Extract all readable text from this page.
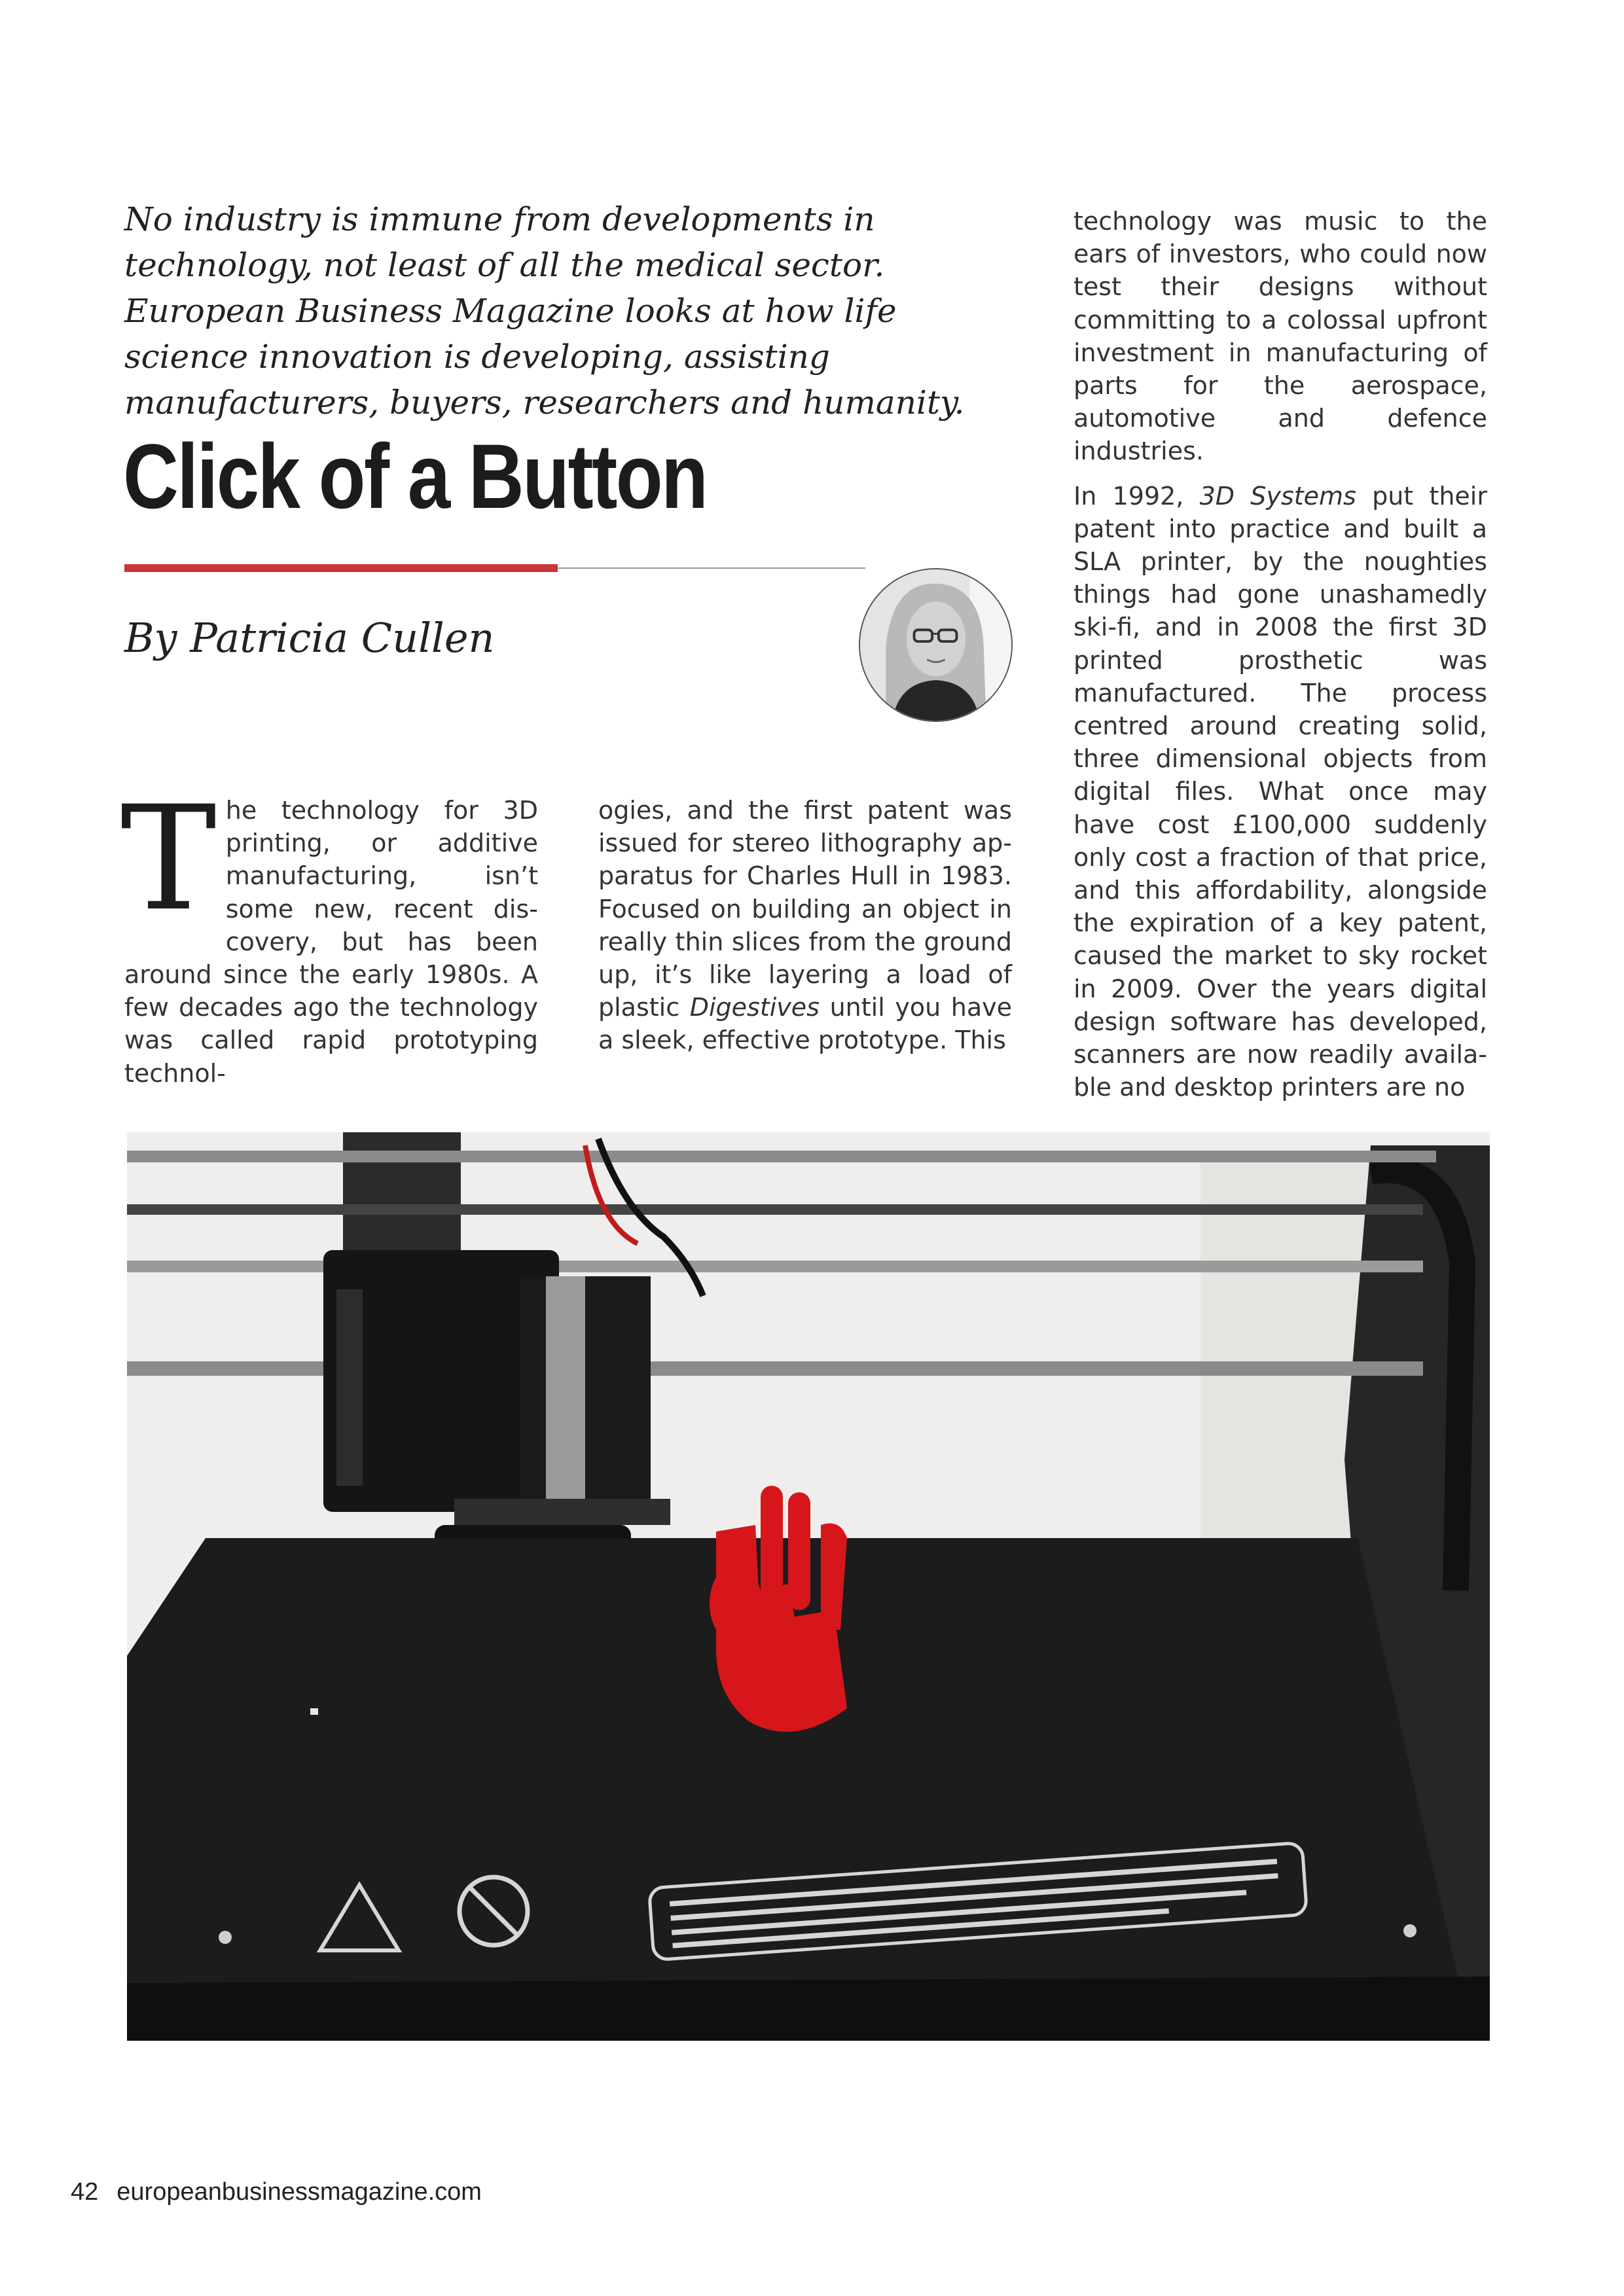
No industry is immune from developments in technology, not least of all the medical sector. European Business Magazine looks at how life science innovation is developing, assisting manufacturers, buyers, researchers and humanity.
Click of a Button
By Patricia Cullen

The technology for 3D printing, or additive manufacturing, isn’t some new, recent discovery, but has been around since the early 1980s. A few decades ago the technology was called rapid prototyping technol-

ogies, and the first patent was issued for stereo lithography apparatus for Charles Hull in 1983. Focused on building an object in really thin slices from the ground up, it’s like layering a load of plastic Digestives until you have a sleek, effective prototype. This

technology was music to the ears of investors, who could now test their designs without committing to a colossal upfront investment in manufacturing of parts for the aerospace, automotive and defence industries.

In 1992, 3D Systems put their patent into practice and built a SLA printer, by the noughties things had gone unashamedly ski-fi, and in 2008 the first 3D printed prosthetic was manufactured. The process centred around creating solid, three dimensional objects from digital files. What once may have cost £100,000 suddenly only cost a fraction of that price, and this affordability, alongside the expiration of a key patent, caused the market to sky rocket in 2009. Over the years digital design software has developed, scanners are now readily available and desktop printers are no

42 europeanbusinessmagazine.com
